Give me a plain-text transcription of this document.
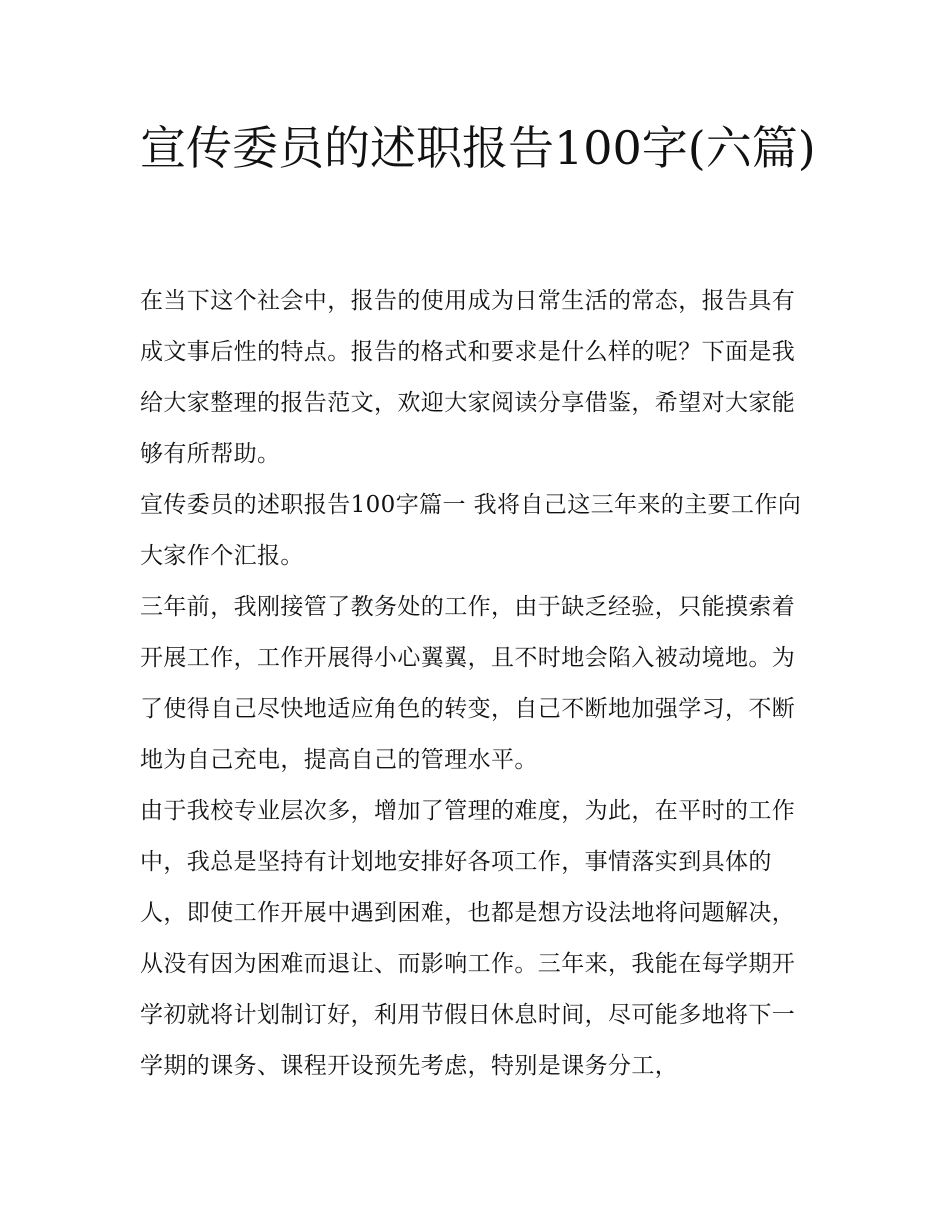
宣传委员的述职报告100字(六篇)

在当下这个社会中，报告的使用成为日常生活的常态，报告具有成文事后性的特点。报告的格式和要求是什么样的呢？下面是我给大家整理的报告范文，欢迎大家阅读分享借鉴，希望对大家能够有所帮助。

宣传委员的述职报告100字篇一 我将自己这三年来的主要工作向大家作个汇报。

三年前，我刚接管了教务处的工作，由于缺乏经验，只能摸索着开展工作，工作开展得小心翼翼，且不时地会陷入被动境地。为了使得自己尽快地适应角色的转变，自己不断地加强学习，不断地为自己充电，提高自己的管理水平。

由于我校专业层次多，增加了管理的难度，为此，在平时的工作中，我总是坚持有计划地安排好各项工作，事情落实到具体的人，即使工作开展中遇到困难，也都是想方设法地将问题解决，从没有因为困难而退让、而影响工作。三年来，我能在每学期开学初就将计划制订好，利用节假日休息时间，尽可能多地将下一学期的课务、课程开设预先考虑，特别是课务分工，
